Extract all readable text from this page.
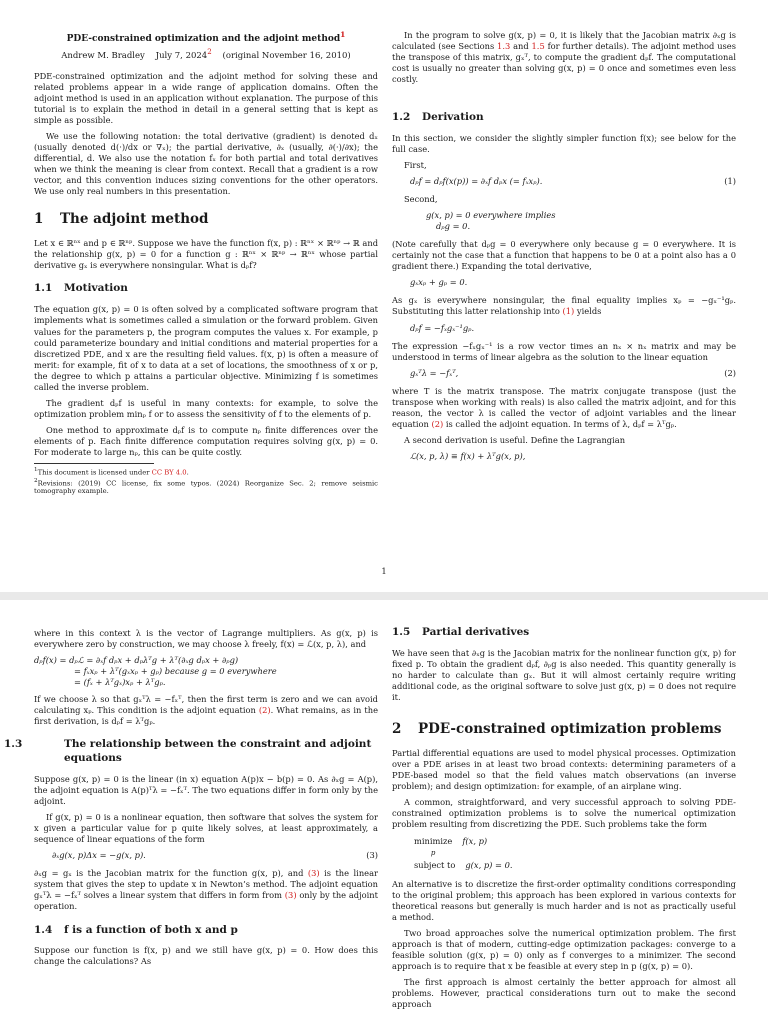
PDE-constrained optimization and the adjoint method$^1$

Andrew M. Bradley July 7, 2024$^2$ (original November 16, 2010)

PDE-constrained optimization and the adjoint method for solving these and related problems appear in a wide range of application domains. Often the adjoint method is used in an application without explanation. The purpose of this tutorial is to explain the method in detail in a general setting that is kept as simple as possible.

We use the following notation: the total derivative (gradient) is denoted dₓ (usually denoted d(·)/dx or ∇ₓ); the partial derivative, ∂ₓ (usually, ∂(·)/∂x); the differential, d. We also use the notation fₓ for both partial and total derivatives when we think the meaning is clear from context. Recall that a gradient is a row vector, and this convention induces sizing conventions for the other operators. We use only real numbers in this presentation.

1 The adjoint method

Let x ∈ ℝⁿˣ and p ∈ ℝⁿᵖ. Suppose we have the function f(x, p) : ℝⁿˣ × ℝⁿᵖ → ℝ and the relationship g(x, p) = 0 for a function g : ℝⁿˣ × ℝⁿᵖ → ℝⁿˣ whose partial derivative gₓ is everywhere nonsingular. What is dₚf?

1.1 Motivation

The equation g(x, p) = 0 is often solved by a complicated software program that implements what is sometimes called a simulation or the forward problem. Given values for the parameters p, the program computes the values x. For example, p could parameterize boundary and initial conditions and material properties for a discretized PDE, and x are the resulting field values. f(x, p) is often a measure of merit: for example, fit of x to data at a set of locations, the smoothness of x or p, the degree to which p attains a particular objective. Minimizing f is sometimes called the inverse problem.

The gradient dₚf is useful in many contexts: for example, to solve the optimization problem minₚ f or to assess the sensitivity of f to the elements of p.

One method to approximate dₚf is to compute nₚ finite differences over the elements of p. Each finite difference computation requires solving g(x, p) = 0. For moderate to large nₚ, this can be quite costly.

$^1$This document is licensed under CC BY 4.0.

$^2$Revisions: (2019) CC license, fix some typos. (2024) Reorganize Sec. 2; remove seismic tomography example.

In the program to solve g(x, p) = 0, it is likely that the Jacobian matrix ∂ₓg is calculated (see Sections 1.3 and 1.5 for further details). The adjoint method uses the transpose of this matrix, gₓᵀ, to compute the gradient dₚf. The computational cost is usually no greater than solving g(x, p) = 0 once and sometimes even less costly.

1.2 Derivation

In this section, we consider the slightly simpler function f(x); see below for the full case.

First,

dₚf = dₚf(x(p)) = ∂ₓf dₚx (= fₓxₚ).	(1)

Second,

g(x, p) = 0 everywhere implies
dₚg = 0.

(Note carefully that dₚg = 0 everywhere only because g = 0 everywhere. It is certainly not the case that a function that happens to be 0 at a point also has a 0 gradient there.) Expanding the total derivative,

gₓxₚ + gₚ = 0.

As gₓ is everywhere nonsingular, the final equality implies xₚ = −gₓ⁻¹gₚ. Substituting this latter relationship into (1) yields

dₚf = −fₓgₓ⁻¹gₚ.

The expression −fₓgₓ⁻¹ is a row vector times an nₓ × nₓ matrix and may be understood in terms of linear algebra as the solution to the linear equation

gₓᵀλ = −fₓᵀ,	(2)

where T is the matrix transpose. The matrix conjugate transpose (just the transpose when working with reals) is also called the matrix adjoint, and for this reason, the vector λ is called the vector of adjoint variables and the linear equation (2) is called the adjoint equation. In terms of λ, dₚf = λᵀgₚ.

A second derivation is useful. Define the Lagrangian

ℒ(x, p, λ) ≡ f(x) + λᵀg(x, p),
1

where in this context λ is the vector of Lagrange multipliers. As g(x, p) is everywhere zero by construction, we may choose λ freely, f(x) = ℒ(x, p, λ), and

dₚf(x) = dₚℒ = ∂ₓf dₚx + dₚλᵀg + λᵀ(∂ₓg dₚx + ∂ₚg)
= fₓxₚ + λᵀ(gₓxₚ + gₚ) because g = 0 everywhere
= (fₓ + λᵀgₓ)xₚ + λᵀgₚ.

If we choose λ so that gₓᵀλ = −fₓᵀ, then the first term is zero and we can avoid calculating xₚ. This condition is the adjoint equation (2). What remains, as in the first derivation, is dₚf = λᵀgₚ.

1.3	The relationship between the constraint and adjoint equations

Suppose g(x, p) = 0 is the linear (in x) equation A(p)x − b(p) = 0. As ∂ₓg = A(p), the adjoint equation is A(p)ᵀλ = −fₓᵀ. The two equations differ in form only by the adjoint.

If g(x, p) = 0 is a nonlinear equation, then software that solves the system for x given a particular value for p quite likely solves, at least approximately, a sequence of linear equations of the form

∂ₓg(x, p)Δx = −g(x, p).	(3)

∂ₓg = gₓ is the Jacobian matrix for the function g(x, p), and (3) is the linear system that gives the step to update x in Newton’s method. The adjoint equation gₓᵀλ = −fₓᵀ solves a linear system that differs in form from (3) only by the adjoint operation.

1.4 f is a function of both x and p

Suppose our function is f(x, p) and we still have g(x, p) = 0. How does this change the calculations? As

1.5 Partial derivatives

We have seen that ∂ₓg is the Jacobian matrix for the nonlinear function g(x, p) for fixed p. To obtain the gradient dₚf, ∂ₚg is also needed. This quantity generally is no harder to calculate than gₓ. But it will almost certainly require writing additional code, as the original software to solve just g(x, p) = 0 does not require it.

2 PDE-constrained optimization problems

Partial differential equations are used to model physical processes. Optimization over a PDE arises in at least two broad contexts: determining parameters of a PDE-based model so that the field values match observations (an inverse problem); and design optimization: for example, of an airplane wing.

A common, straightforward, and very successful approach to solving PDE-constrained optimization problems is to solve the numerical optimization problem resulting from discretizing the PDE. Such problems take the form

minimize
p
f(x, p)
subject to g(x, p) = 0.

An alternative is to discretize the first-order optimality conditions corresponding to the original problem; this approach has been explored in various contexts for theoretical reasons but generally is much harder and is not as practically useful a method.

Two broad approaches solve the numerical optimization problem. The first approach is that of modern, cutting-edge optimization packages: converge to a feasible solution (g(x, p) = 0) only as f converges to a minimizer. The second approach is to require that x be feasible at every step in p (g(x, p) = 0).

The first approach is almost certainly the better approach for almost all problems. However, practical considerations turn out to make the second approach
